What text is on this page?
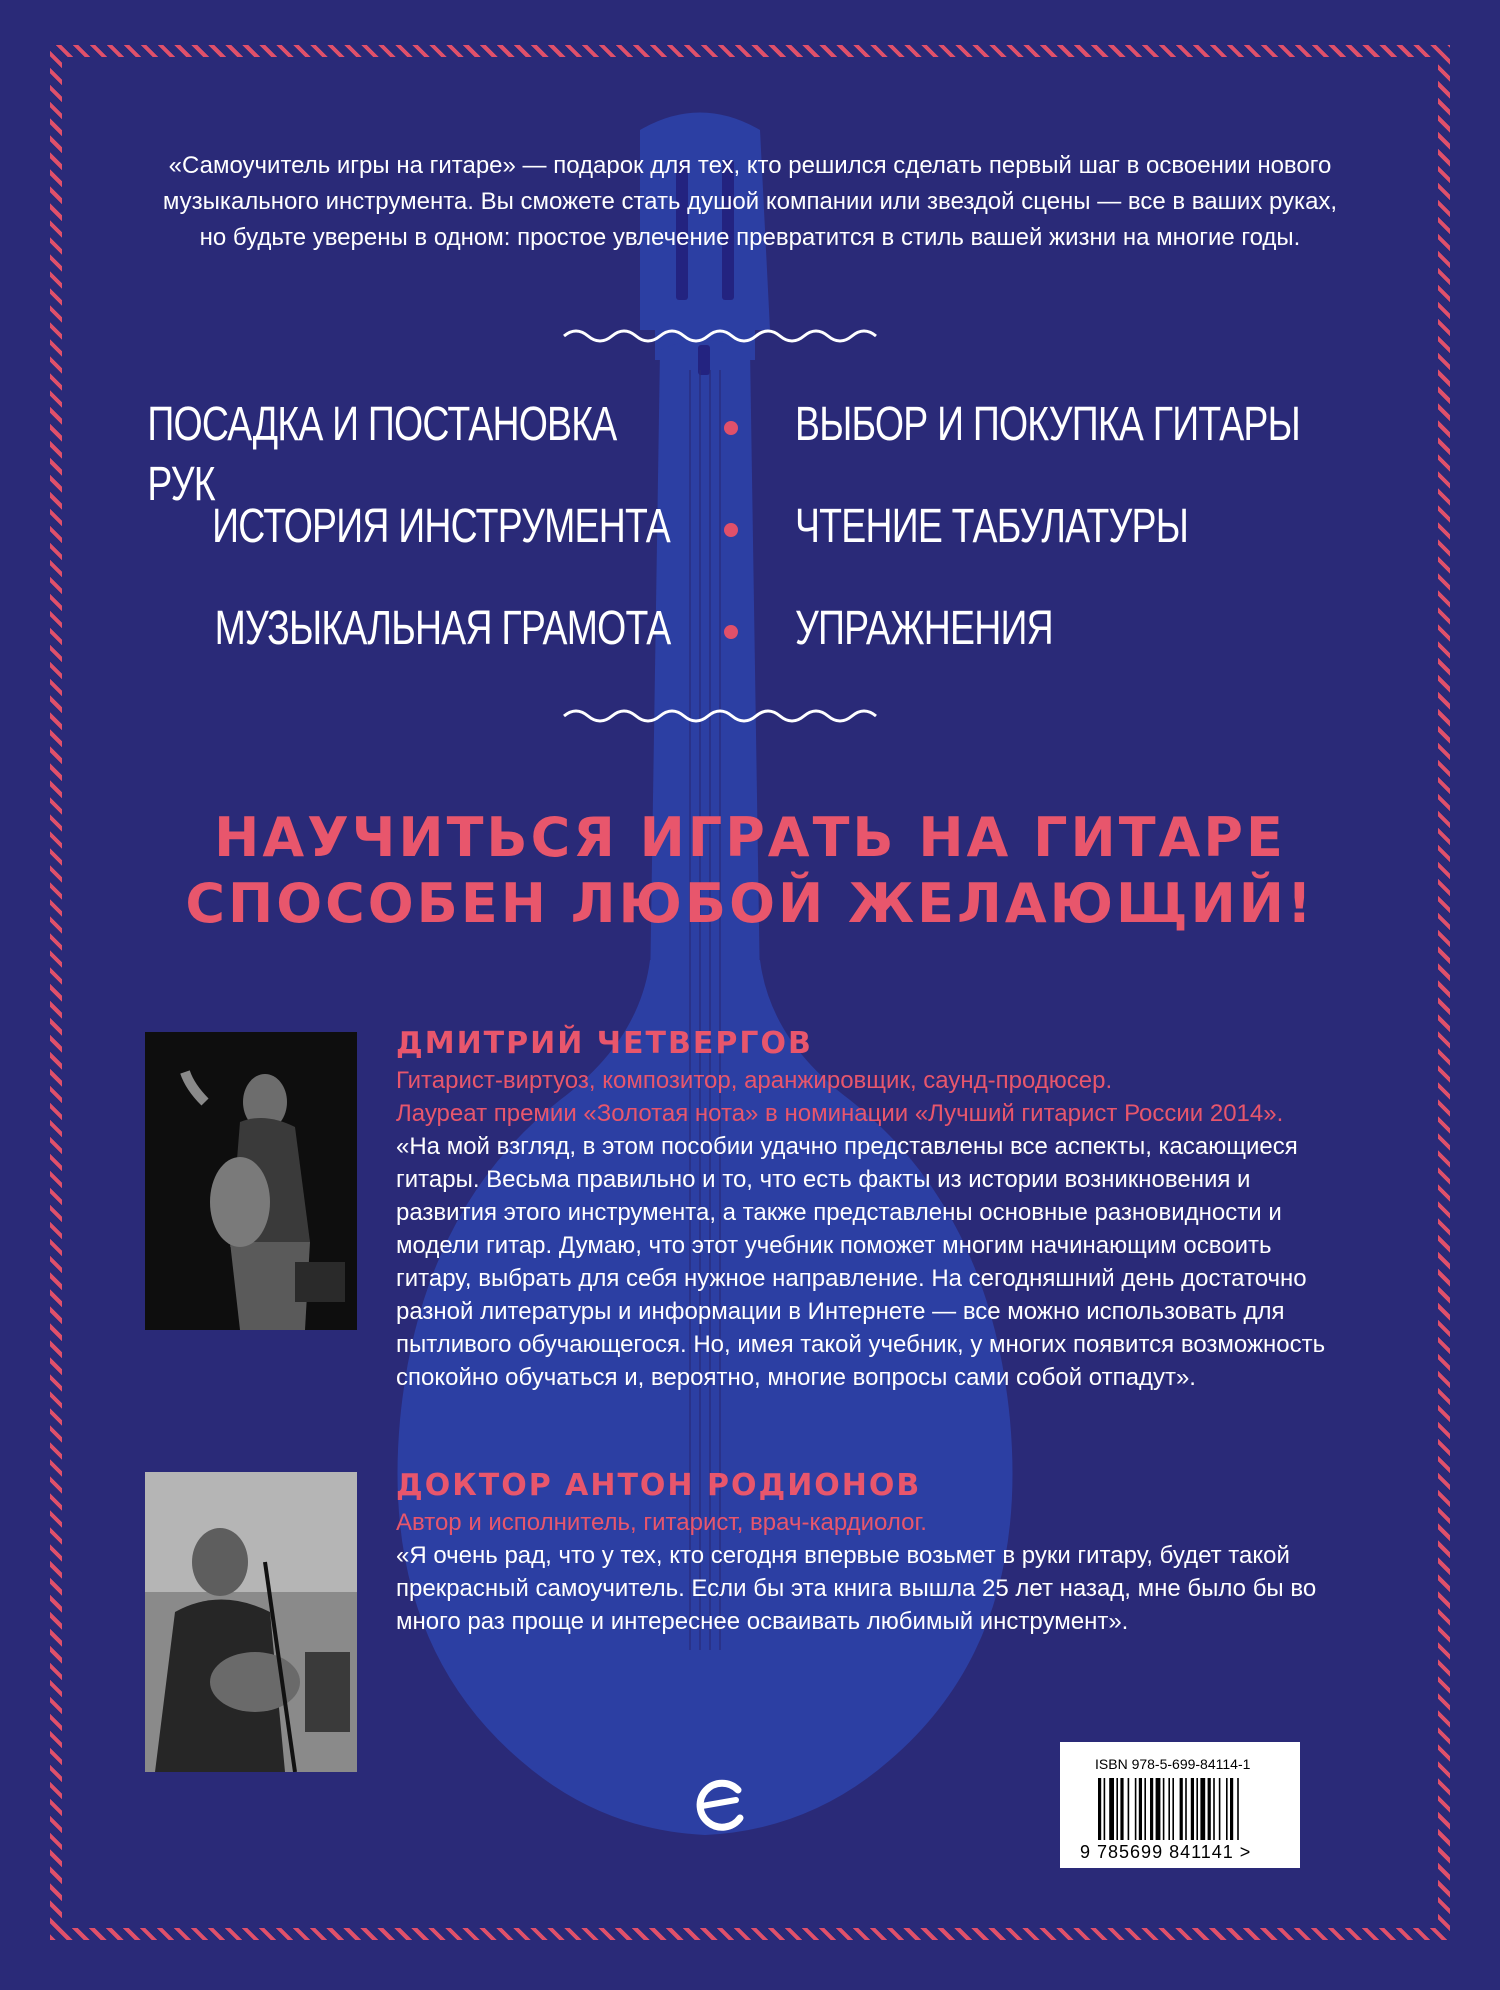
«Самоучитель игры на гитаре» — подарок для тех, кто решился сделать первый шаг в освоении нового музыкального инструмента. Вы сможете стать душой компании или звездой сцены — все в ваших руках, но будьте уверены в одном: простое увлечение превратится в стиль вашей жизни на многие годы.
ПОСАДКА И ПОСТАНОВКА РУК
ВЫБОР И ПОКУПКА ГИТАРЫ
ИСТОРИЯ ИНСТРУМЕНТА	ЧТЕНИЕ ТАБУЛАТУРЫ
МУЗЫКАЛЬНАЯ ГРАМОТА	УПРАЖНЕНИЯ
НАУЧИТЬСЯ ИГРАТЬ НА ГИТАРЕ
СПОСОБЕН ЛЮБОЙ ЖЕЛАЮЩИЙ!
ДМИТРИЙ ЧЕТВЕРГОВ
Гитарист-виртуоз, композитор, аранжировщик, саунд-продюсер.
Лауреат премии «Золотая нота» в номинации «Лучший гитарист России 2014».
«На мой взгляд, в этом пособии удачно представлены все аспекты, касающиеся гитары. Весьма правильно и то, что есть факты из истории возникновения и развития этого инструмента, а также представлены основные разновидности и модели гитар. Думаю, что этот учебник поможет многим начинающим освоить гитару, выбрать для себя нужное направление. На сегодняшний день достаточно разной литературы и информации в Интернете — все можно использовать для пытливого обучающегося. Но, имея такой учебник, у многих появится возможность спокойно обучаться и, вероятно, многие вопросы сами собой отпадут».
ДОКТОР АНТОН РОДИОНОВ
Автор и исполнитель, гитарист, врач-кардиолог.
«Я очень рад, что у тех, кто сегодня впервые возьмет в руки гитару, будет такой прекрасный самоучитель. Если бы эта книга вышла 25 лет назад, мне было бы во много раз проще и интереснее осваивать любимый инструмент».
ISBN 978-5-699-84114-1
9 785699 841141 >
